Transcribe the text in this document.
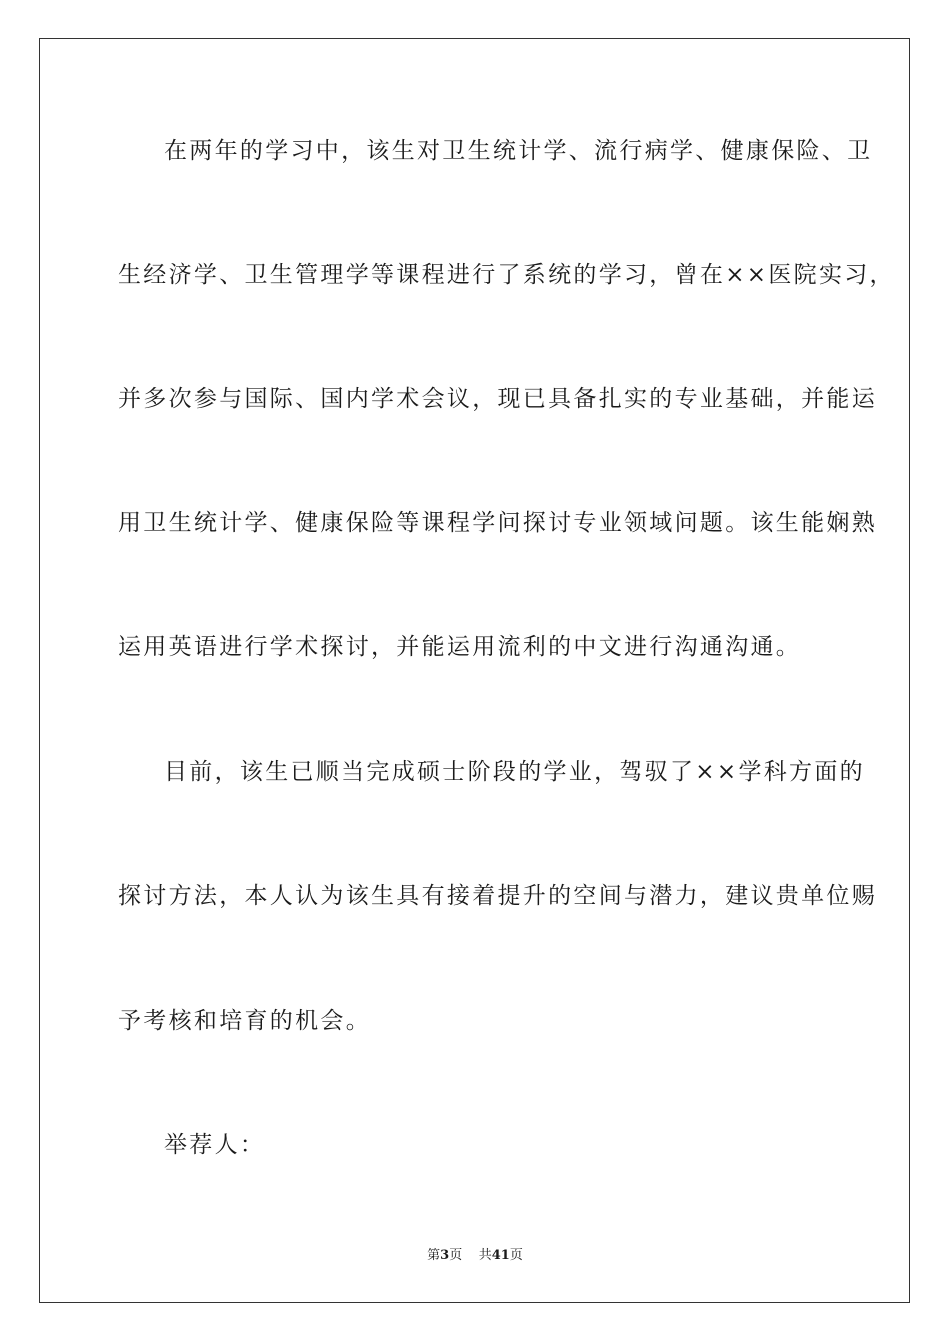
在两年的学习中，该生对卫生统计学、流行病学、健康保险、卫
生经济学、卫生管理学等课程进行了系统的学习，曾在××医院实习，
并多次参与国际、国内学术会议，现已具备扎实的专业基础，并能运
用卫生统计学、健康保险等课程学问探讨专业领域问题。该生能娴熟
运用英语进行学术探讨，并能运用流利的中文进行沟通沟通。
目前，该生已顺当完成硕士阶段的学业，驾驭了××学科方面的
探讨方法，本人认为该生具有接着提升的空间与潜力，建议贵单位赐
予考核和培育的机会。
举荐人：
第3页 共41页
